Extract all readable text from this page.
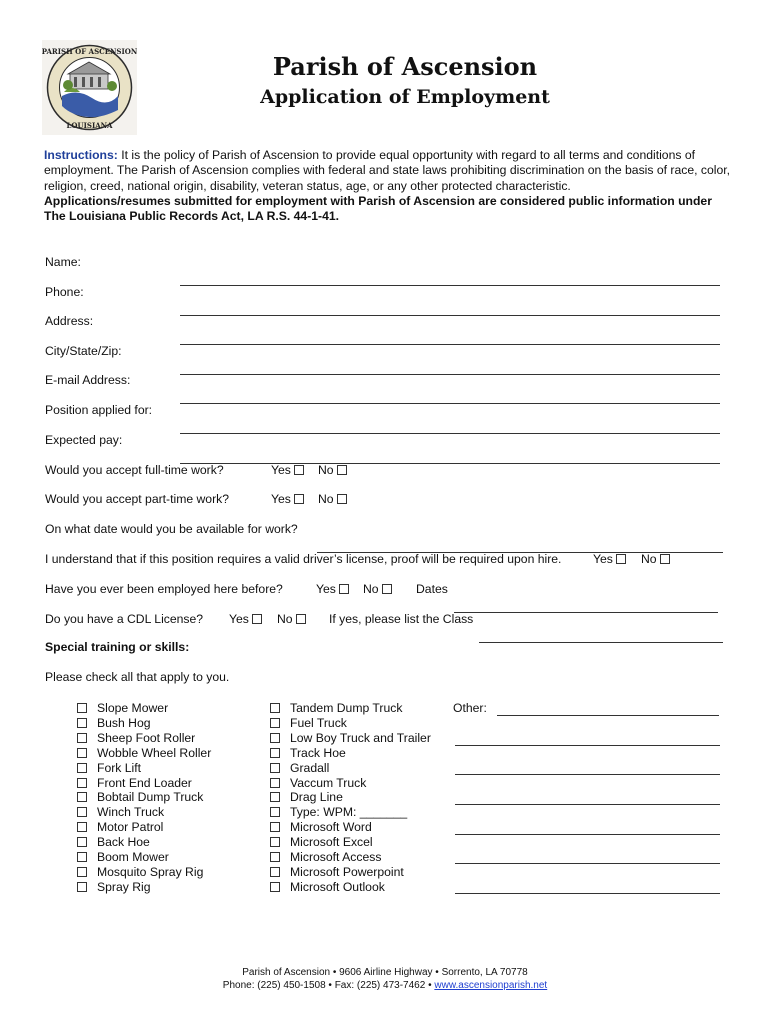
PARISH OF ASCENSION
LOUISIANA
Parish of Ascension
Application of Employment
Instructions: It is the policy of Parish of Ascension to provide equal opportunity with regard to all terms and conditions of employment. The Parish of Ascension complies with federal and state laws prohibiting discrimination on the basis of race, color, religion, creed, national origin, disability, veteran status, age, or any other protected characteristic.
Applications/resumes submitted for employment with Parish of Ascension are considered public information under The Louisiana Public Records Act, LA R.S. 44-1-41.
Name:
Phone:
Address:
City/State/Zip:
E-mail Address:
Position applied for:
Expected pay:
Would you accept full-time work?	Yes	No
Would you accept part-time work?	Yes	No
On what date would you be available for work?
I understand that if this position requires a valid driver’s license, proof will be required upon hire.	Yes	No
Have you ever been employed here before?	Yes	No	Dates
Do you have a CDL License? Yes	No	If yes, please list the Class
Special training or skills:
Please check all that apply to you.
Slope Mower
Bush Hog
Sheep Foot Roller
Wobble Wheel Roller
Fork Lift
Front End Loader
Bobtail Dump Truck
Winch Truck
Motor Patrol
Back Hoe
Boom Mower
Mosquito Spray Rig
Spray Rig
Tandem Dump Truck
Fuel Truck
Low Boy Truck and Trailer
Track Hoe
Gradall
Vaccum Truck
Drag Line
Type: WPM: _______
Microsoft Word
Microsoft Excel
Microsoft Access
Microsoft Powerpoint
Microsoft Outlook
Other:
Parish of Ascension • 9606 Airline Highway • Sorrento, LA 70778
Phone: (225) 450-1508 • Fax: (225) 473-7462 • www.ascensionparish.net
